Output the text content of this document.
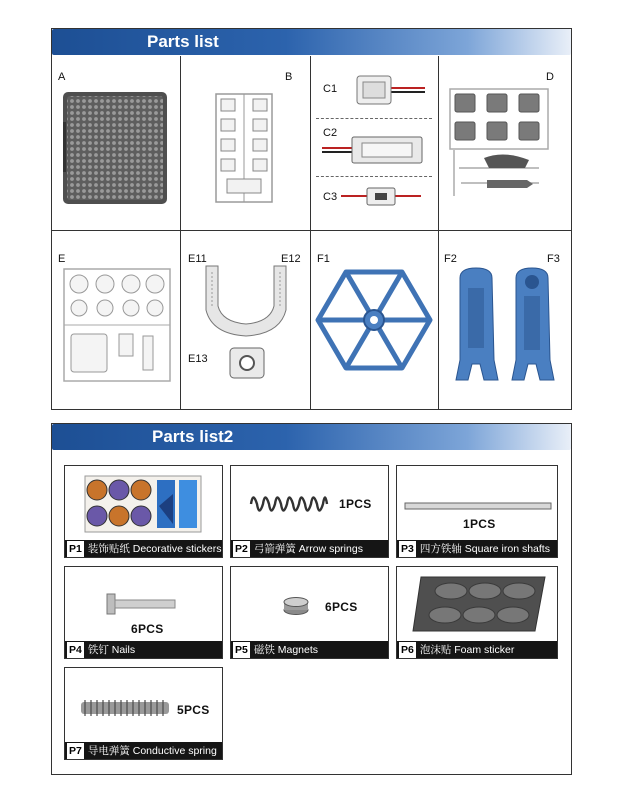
Parts list
A	B
C1
C2
C3
D
E	E11	E12
E13
F1	F2	F3
Parts list2
P1 装饰贴纸 Decorative stickers
1PCS
P2 弓箭弹簧 Arrow springs
1PCS
P3 四方铁轴 Square iron shafts
6PCS
P4 铁钉 Nails
6PCS
P5 磁铁 Magnets	P6 泡沫贴 Foam sticker
5PCS
P7 导电弹簧 Conductive spring
